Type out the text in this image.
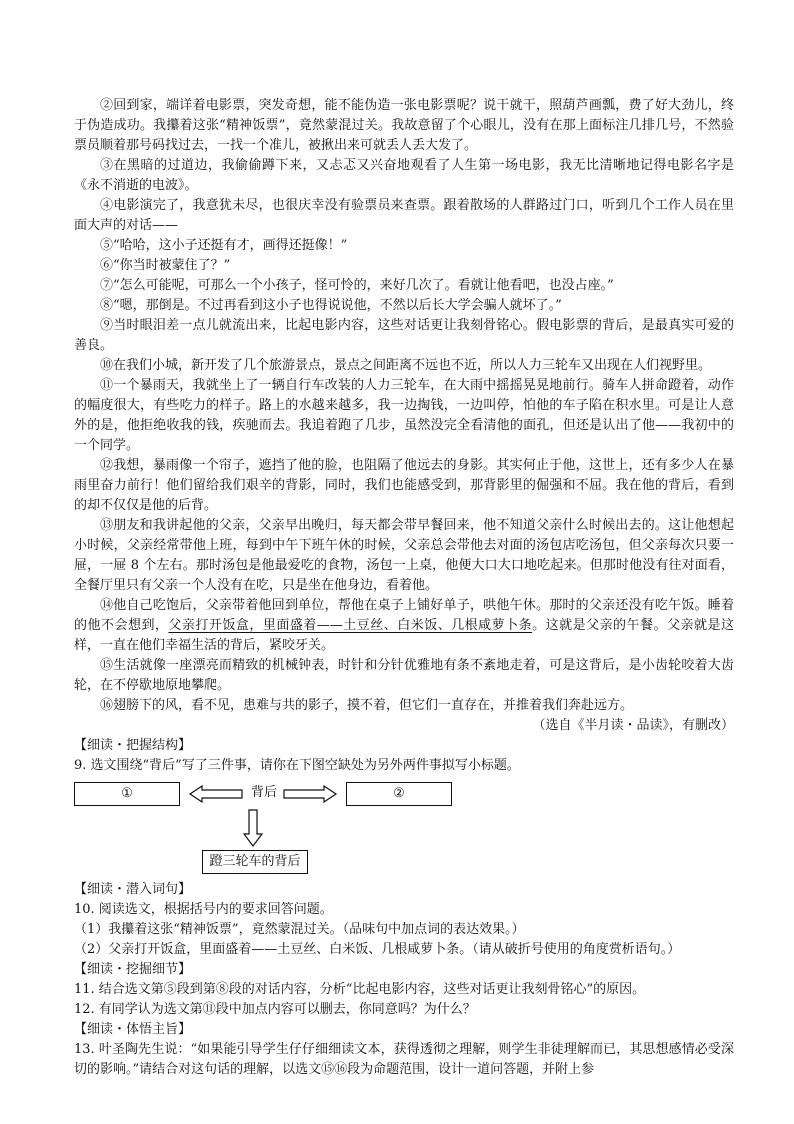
②回到家，端详着电影票，突发奇想，能不能伪造一张电影票呢？说干就干，照葫芦画瓢，费了好大劲儿，终于伪造成功。我攥着这张“精神饭票”，竟然蒙混过关。我故意留了个心眼儿，没有在那上面标注几排几号，不然验票员顺着那号码找过去，一找一个准儿，被揪出来可就丢人丢大发了。

③在黑暗的过道边，我偷偷蹲下来，又忐忑又兴奋地观看了人生第一场电影，我无比清晰地记得电影名字是《永不消逝的电波》。

④电影演完了，我意犹未尽，也很庆幸没有验票员来查票。跟着散场的人群路过门口，听到几个工作人员在里面大声的对话——

⑤“哈哈，这小子还挺有才，画得还挺像！”

⑥“你当时被蒙住了？”

⑦“怎么可能呢，可那么一个小孩子，怪可怜的，来好几次了。看就让他看吧，也没占座。”

⑧“嗯，那倒是。不过再看到这小子也得说说他，不然以后长大学会骗人就坏了。”

⑨当时眼泪差一点儿就流出来，比起电影内容，这些对话更让我刻骨铭心。假电影票的背后，是最真实可爱的善良。

⑩在我们小城，新开发了几个旅游景点，景点之间距离不远也不近，所以人力三轮车又出现在人们视野里。

⑪一个暴雨天，我就坐上了一辆自行车改装的人力三轮车，在大雨中摇摇晃晃地前行。骑车人拼命蹬着，动作的幅度很大，有些吃力的样子。路上的水越来越多，我一边掏钱，一边叫停，怕他的车子陷在积水里。可是让人意外的是，他拒绝收我的钱，疾驰而去。我追着跑了几步，虽然没完全看清他的面孔，但还是认出了他——我初中的一个同学。

⑫我想，暴雨像一个帘子，遮挡了他的脸，也阻隔了他远去的身影。其实何止于他，这世上，还有多少人在暴雨里奋力前行！他们留给我们艰辛的背影，同时，我们也能感受到，那背影里的倔强和不屈。我在他的背后，看到的却不仅仅是他的后背。

⑬朋友和我讲起他的父亲，父亲早出晚归，每天都会带早餐回来，他不知道父亲什么时候出去的。这让他想起小时候，父亲经常带他上班，每到中午下班午休的时候，父亲总会带他去对面的汤包店吃汤包，但父亲每次只要一屉，一屉 8 个左右。那时汤包是他最爱吃的食物，汤包一上桌，他便大口大口地吃起来。但那时他没有往对面看，全餐厅里只有父亲一个人没有在吃，只是坐在他身边，看着他。

⑭他自己吃饱后，父亲带着他回到单位，帮他在桌子上铺好单子，哄他午休。那时的父亲还没有吃午饭。睡着的他不会想到，父亲打开饭盒，里面盛着——土豆丝、白米饭、几根咸萝卜条。这就是父亲的午餐。父亲就是这样，一直在他们幸福生活的背后，紧咬牙关。

⑮生活就像一座漂亮而精致的机械钟表，时针和分针优雅地有条不紊地走着，可是这背后，是小齿轮咬着大齿轮，在不停歇地原地攀爬。

⑯翅膀下的风，看不见，患难与共的影子，摸不着，但它们一直存在，并推着我们奔赴远方。

（选自《半月读・品读》，有删改）

【细读・把握结构】

9. 选文围绕“背后”写了三件事，请你在下图空缺处为另外两件事拟写小标题。

①	背后	②
蹬三轮车的背后

【细读・潜入词句】

10. 阅读选文，根据括号内的要求回答问题。

（1）我攥着这张“精神饭票”，竟然蒙混过关。（品味句中加点词的表达效果。）

（2）父亲打开饭盒，里面盛着——土豆丝、白米饭、几根咸萝卜条。（请从破折号使用的角度赏析语句。）

【细读・挖掘细节】

11. 结合选文第⑤段到第⑧段的对话内容，分析“比起电影内容，这些对话更让我刻骨铭心”的原因。

12. 有同学认为选文第⑪段中加点内容可以删去，你同意吗？为什么？

【细读・体悟主旨】

13. 叶圣陶先生说：“如果能引导学生仔仔细细读文本，获得透彻之理解，则学生非徒理解而已，其思想感情必受深切的影响。”请结合对这句话的理解，以选文⑮⑯段为命题范围，设计一道问答题，并附上参
